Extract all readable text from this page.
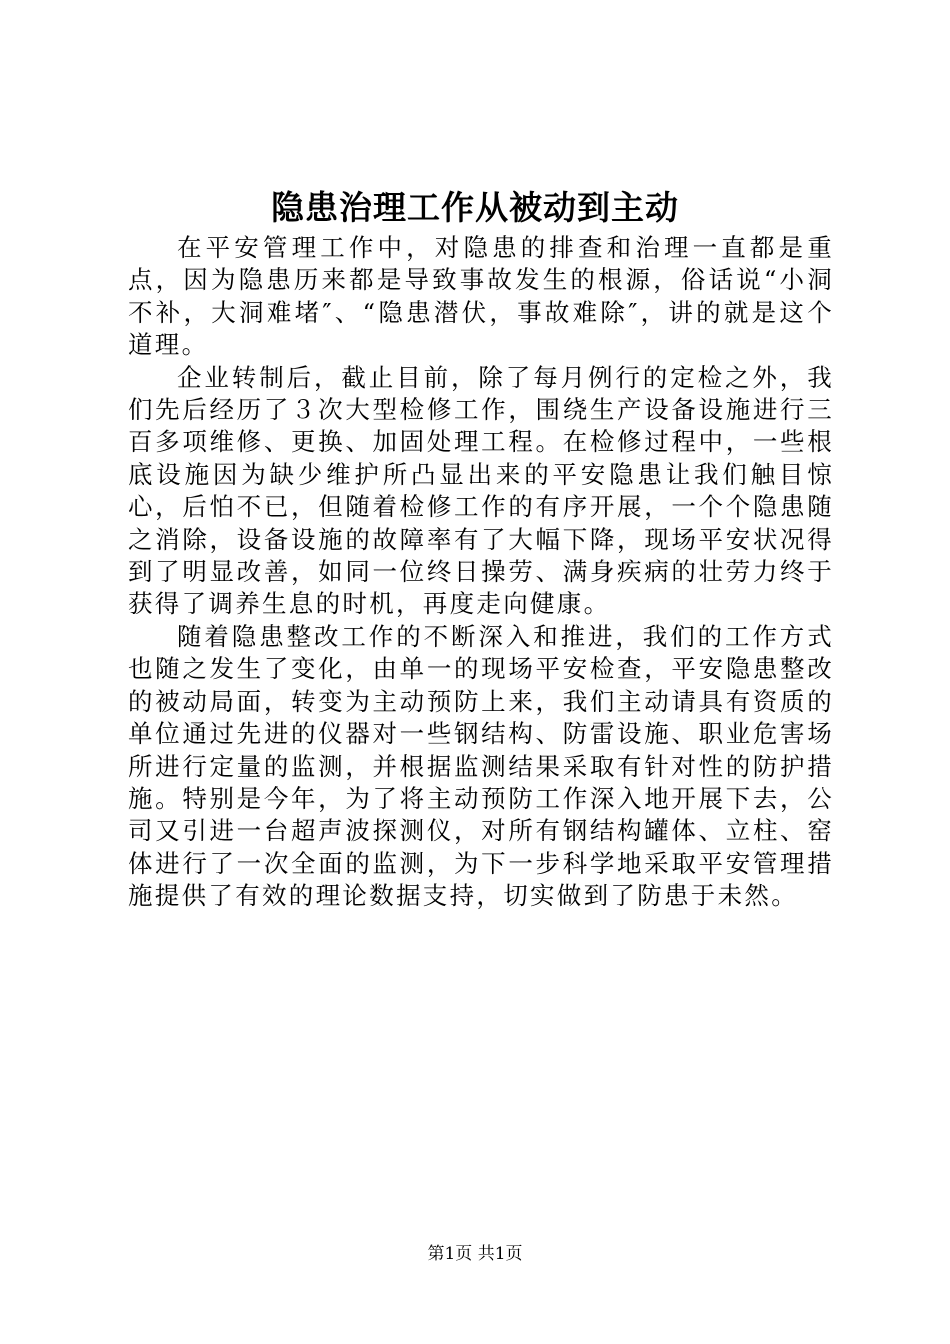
隐患治理工作从被动到主动

在平安管理工作中，对隐患的排查和治理一直都是重点，因为隐患历来都是导致事故发生的根源，俗话说“小洞不补，大洞难堵″、“隐患潜伏，事故难除″，讲的就是这个道理。

企业转制后，截止目前，除了每月例行的定检之外，我们先后经历了３次大型检修工作，围绕生产设备设施进行三百多项维修、更换、加固处理工程。在检修过程中，一些根底设施因为缺少维护所凸显出来的平安隐患让我们触目惊心，后怕不已，但随着检修工作的有序开展，一个个隐患随之消除，设备设施的故障率有了大幅下降，现场平安状况得到了明显改善，如同一位终日操劳、满身疾病的壮劳力终于获得了调养生息的时机，再度走向健康。

随着隐患整改工作的不断深入和推进，我们的工作方式也随之发生了变化，由单一的现场平安检查，平安隐患整改的被动局面，转变为主动预防上来，我们主动请具有资质的单位通过先进的仪器对一些钢结构、防雷设施、职业危害场所进行定量的监测，并根据监测结果采取有针对性的防护措施。特别是今年，为了将主动预防工作深入地开展下去，公司又引进一台超声波探测仪，对所有钢结构罐体、立柱、窑体进行了一次全面的监测，为下一步科学地采取平安管理措施提供了有效的理论数据支持，切实做到了防患于未然。

第1页 共1页
